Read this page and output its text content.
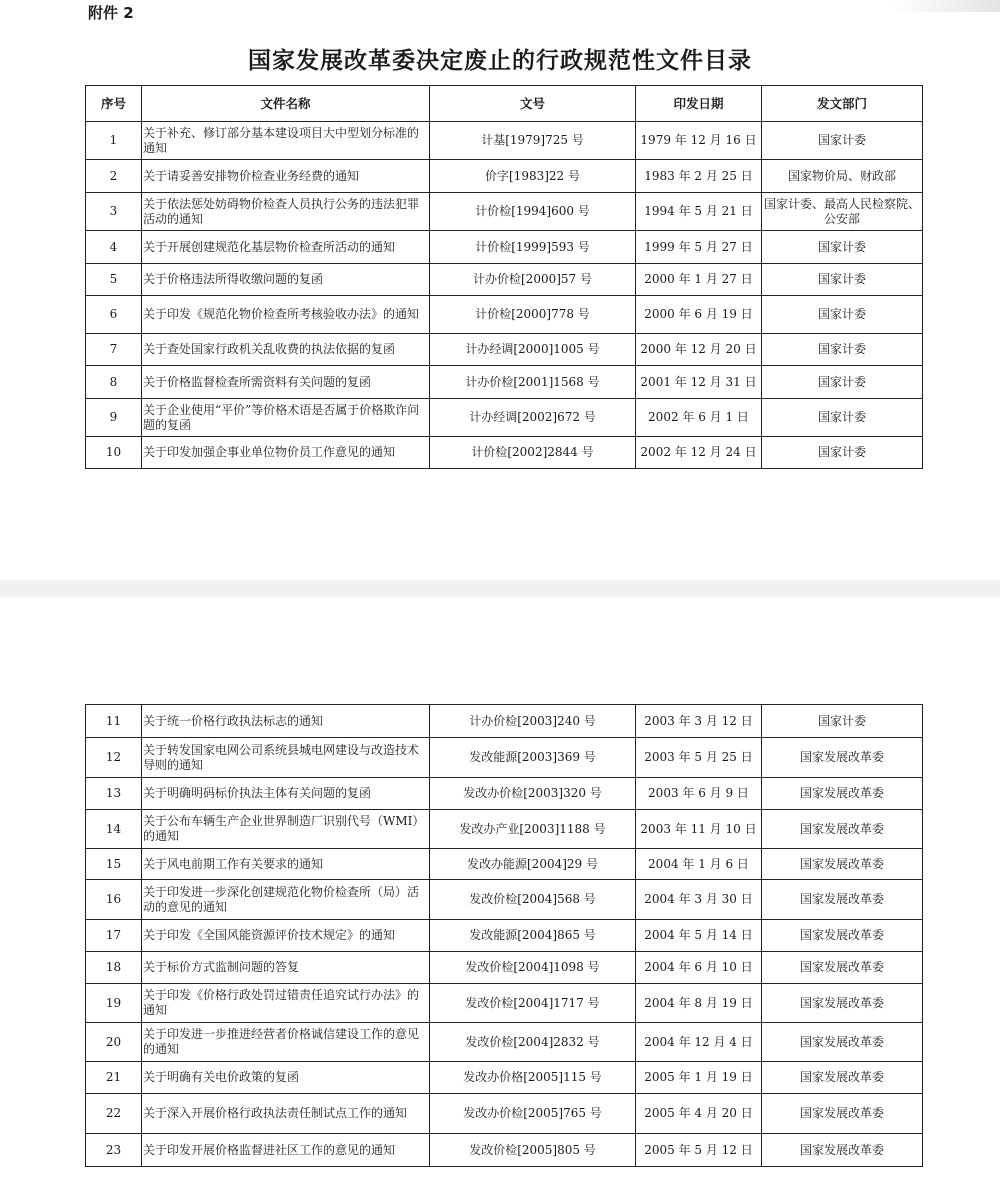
附件 2
国家发展改革委决定废止的行政规范性文件目录
序号	文件名称	文号	印发日期	发文部门
1	关于补充、修订部分基本建设项目大中型划分标准的通知	计基[1979]725 号	1979 年 12 月 16 日	国家计委
2	关于请妥善安排物价检查业务经费的通知	价字[1983]22 号	1983 年 2 月 25 日	国家物价局、财政部
3	关于依法惩处妨碍物价检查人员执行公务的违法犯罪活动的通知	计价检[1994]600 号	1994 年 5 月 21 日	国家计委、最高人民检察院、公安部
4	关于开展创建规范化基层物价检查所活动的通知	计价检[1999]593 号	1999 年 5 月 27 日	国家计委
5	关于价格违法所得收缴问题的复函	计办价检[2000]57 号	2000 年 1 月 27 日	国家计委
6	关于印发《规范化物价检查所考核验收办法》的通知	计价检[2000]778 号	2000 年 6 月 19 日	国家计委
7	关于查处国家行政机关乱收费的执法依据的复函	计办经调[2000]1005 号	2000 年 12 月 20 日	国家计委
8	关于价格监督检查所需资料有关问题的复函	计办价检[2001]1568 号	2001 年 12 月 31 日	国家计委
9	关于企业使用“平价”等价格术语是否属于价格欺诈问题的复函	计办经调[2002]672 号	2002 年 6 月 1 日	国家计委
10	关于印发加强企事业单位物价员工作意见的通知	计价检[2002]2844 号	2002 年 12 月 24 日	国家计委
11	关于统一价格行政执法标志的通知	计办价检[2003]240 号	2003 年 3 月 12 日	国家计委
12	关于转发国家电网公司系统县城电网建设与改造技术导则的通知	发改能源[2003]369 号	2003 年 5 月 25 日	国家发展改革委
13	关于明确明码标价执法主体有关问题的复函	发改办价检[2003]320 号	2003 年 6 月 9 日	国家发展改革委
14	关于公布车辆生产企业世界制造厂识别代号（WMI）的通知	发改办产业[2003]1188 号	2003 年 11 月 10 日	国家发展改革委
15	关于风电前期工作有关要求的通知	发改办能源[2004]29 号	2004 年 1 月 6 日	国家发展改革委
16	关于印发进一步深化创建规范化物价检查所（局）活动的意见的通知	发改价检[2004]568 号	2004 年 3 月 30 日	国家发展改革委
17	关于印发《全国风能资源评价技术规定》的通知	发改能源[2004]865 号	2004 年 5 月 14 日	国家发展改革委
18	关于标价方式监制问题的答复	发改价检[2004]1098 号	2004 年 6 月 10 日	国家发展改革委
19	关于印发《价格行政处罚过错责任追究试行办法》的通知	发改价检[2004]1717 号	2004 年 8 月 19 日	国家发展改革委
20	关于印发进一步推进经营者价格诚信建设工作的意见的通知	发改价检[2004]2832 号	2004 年 12 月 4 日	国家发展改革委
21	关于明确有关电价政策的复函	发改办价格[2005]115 号	2005 年 1 月 19 日	国家发展改革委
22	关于深入开展价格行政执法责任制试点工作的通知	发改办价检[2005]765 号	2005 年 4 月 20 日	国家发展改革委
23	关于印发开展价格监督进社区工作的意见的通知	发改价检[2005]805 号	2005 年 5 月 12 日	国家发展改革委
